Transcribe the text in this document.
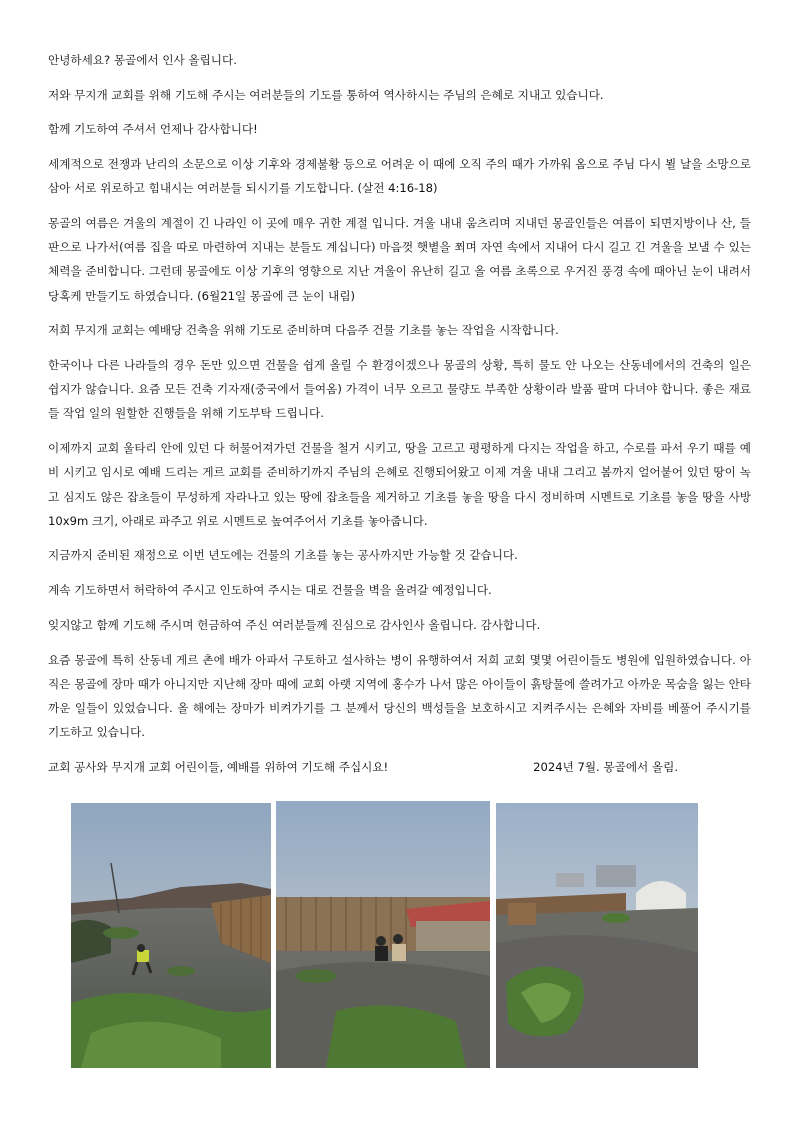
안녕하세요? 몽골에서 인사 올립니다.

저와 무지개 교회를 위해 기도해 주시는 여러분들의 기도를 통하여 역사하시는 주님의 은혜로 지내고 있습니다.

함께 기도하여 주셔서 언제나 감사합니다!

세계적으로 전쟁과 난리의 소문으로 이상 기후와 경제불황 등으로 어려운 이 때에 오직 주의 때가 가까워 옴으로 주님 다시 뵐 날을 소망으로 삼아 서로 위로하고 힘내시는 여러분들 되시기를 기도합니다. (살전 4:16-18)

몽골의 여름은 겨울의 계절이 긴 나라인 이 곳에 매우 귀한 계절 입니다. 겨울 내내 움츠리며 지내던 몽골인들은 여름이 되면지방이나 산, 들판으로 나가서(여름 집을 따로 마련하여 지내는 분들도 계십니다) 마음껏 햇볕을 쬐며 자연 속에서 지내어 다시 길고 긴 겨울을 보낼 수 있는 체력을 준비합니다. 그런데 몽골에도 이상 기후의 영향으로 지난 겨울이 유난히 길고 올 여름 초록으로 우거진 풍경 속에 때아닌 눈이 내려서 당혹케 만들기도 하였습니다. (6월21일 몽골에 큰 눈이 내림)

저희 무지개 교회는 예배당 건축을 위해 기도로 준비하며 다음주 건물 기초를 놓는 작업을 시작합니다.

한국이나 다른 나라들의 경우 돈만 있으면 건물을 쉽게 올릴 수 환경이겠으나 몽골의 상황, 특히 물도 안 나오는 산동네에서의 건축의 일은 쉽지가 않습니다. 요즘 모든 건축 기자재(중국에서 들여옴) 가격이 너무 오르고 물량도 부족한 상황이라 발품 팔며 다녀야 합니다. 좋은 재료들 작업 일의 원할한 진행들을 위해 기도부탁 드립니다.

이제까지 교회 울타리 안에 있던 다 허물어져가던 건물을 철거 시키고, 땅을 고르고 평평하게 다지는 작업을 하고, 수로를 파서 우기 때를 예비 시키고 임시로 예배 드리는 게르 교회를 준비하기까지 주님의 은혜로 진행되어왔고 이제 겨울 내내 그리고 봄까지 얼어붙어 있던 땅이 녹고 심지도 않은 잡초들이 무성하게 자라나고 있는 땅에 잡초들을 제거하고 기초를 놓을 땅을 다시 정비하며 시멘트로 기초를 놓을 땅을 사방 10x9m 크기, 아래로 파주고 위로 시멘트로 높여주어서 기초를 놓아줍니다.

지금까지 준비된 재정으로 이번 년도에는 건물의 기초를 놓는 공사까지만 가능할 것 같습니다.

계속 기도하면서 허락하여 주시고 인도하여 주시는 대로 건물을 벽을 올려갈 예정입니다.

잊지않고 함께 기도해 주시며 헌금하여 주신 여러분들께 진심으로 감사인사 올립니다. 감사합니다.

요즘 몽골에 특히 산동네 게르 촌에 배가 아파서 구토하고 설사하는 병이 유행하여서 저희 교회 몇몇 어린이들도 병원에 입원하였습니다. 아직은 몽골에 장마 때가 아니지만 지난해 장마 때에 교회 아랫 지역에 홍수가 나서 많은 아이들이 흙탕물에 쓸려가고 아까운 목숨을 잃는 안타까운 일들이 있었습니다. 올 해에는 장마가 비켜가기를 그 분께서 당신의 백성들을 보호하시고 지켜주시는 은혜와 자비를 베풀어 주시기를 기도하고 있습니다.

교회 공사와 무지개 교회 어린이들, 예배를 위하여 기도해 주십시요!	2024년 7월. 몽골에서 올림.
